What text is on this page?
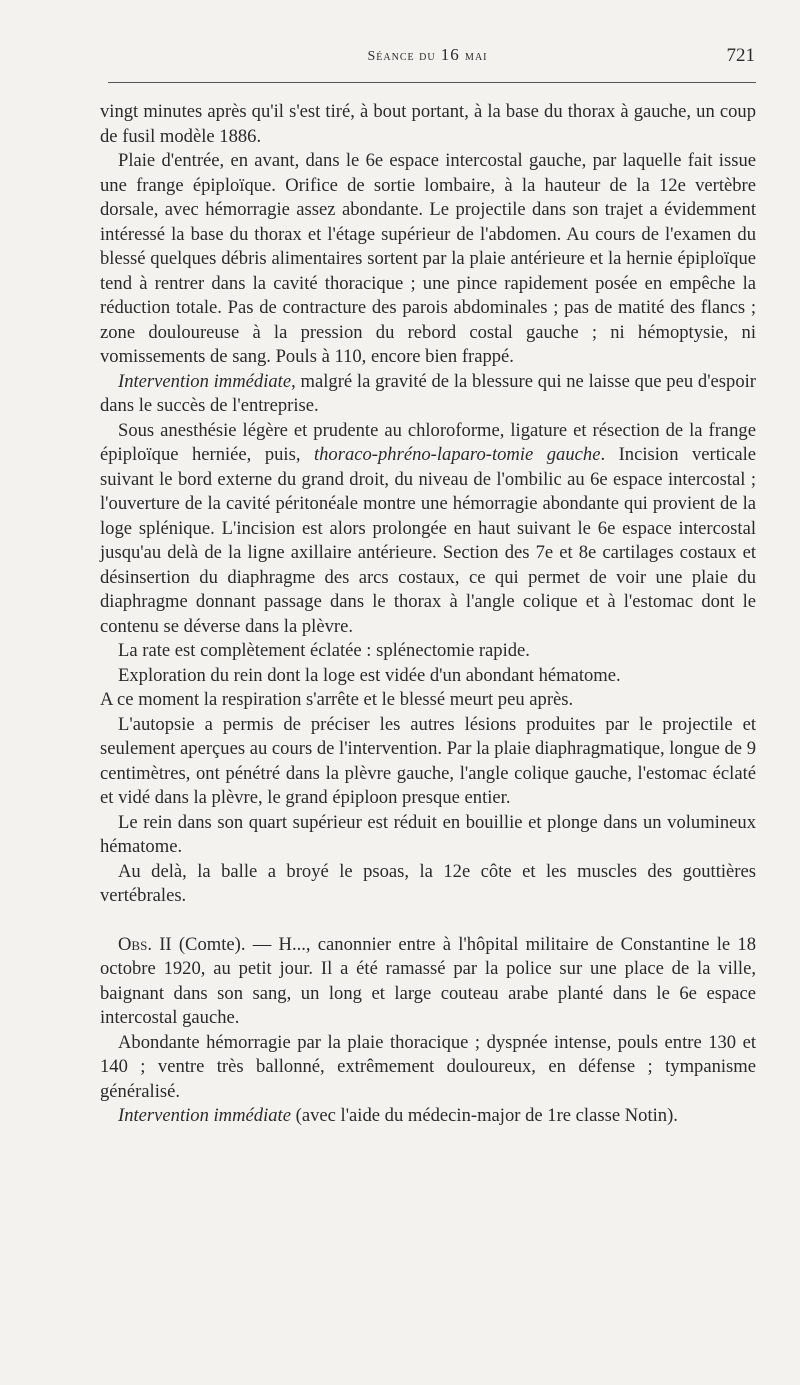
Séance du 16 mai	721

vingt minutes après qu'il s'est tiré, à bout portant, à la base du thorax à gauche, un coup de fusil modèle 1886.

Plaie d'entrée, en avant, dans le 6e espace intercostal gauche, par laquelle fait issue une frange épiploïque. Orifice de sortie lombaire, à la hauteur de la 12e vertèbre dorsale, avec hémorragie assez abondante. Le projectile dans son trajet a évidemment intéressé la base du thorax et l'étage supérieur de l'abdomen. Au cours de l'examen du blessé quelques débris alimentaires sortent par la plaie antérieure et la hernie épiploïque tend à rentrer dans la cavité thoracique ; une pince rapidement posée en empêche la réduction totale. Pas de contracture des parois abdominales ; pas de matité des flancs ; zone douloureuse à la pression du rebord costal gauche ; ni hémoptysie, ni vomissements de sang. Pouls à 110, encore bien frappé.

Intervention immédiate, malgré la gravité de la blessure qui ne laisse que peu d'espoir dans le succès de l'entreprise.

Sous anesthésie légère et prudente au chloroforme, ligature et résection de la frange épiploïque herniée, puis, thoraco-phréno-laparo-tomie gauche. Incision verticale suivant le bord externe du grand droit, du niveau de l'ombilic au 6e espace intercostal ; l'ouverture de la cavité péritonéale montre une hémorragie abondante qui provient de la loge splénique. L'incision est alors prolongée en haut suivant le 6e espace intercostal jusqu'au delà de la ligne axillaire antérieure. Section des 7e et 8e cartilages costaux et désinsertion du diaphragme des arcs costaux, ce qui permet de voir une plaie du diaphragme donnant passage dans le thorax à l'angle colique et à l'estomac dont le contenu se déverse dans la plèvre.

La rate est complètement éclatée : splénectomie rapide.

Exploration du rein dont la loge est vidée d'un abondant hématome.

A ce moment la respiration s'arrête et le blessé meurt peu après.

L'autopsie a permis de préciser les autres lésions produites par le projectile et seulement aperçues au cours de l'intervention. Par la plaie diaphragmatique, longue de 9 centimètres, ont pénétré dans la plèvre gauche, l'angle colique gauche, l'estomac éclaté et vidé dans la plèvre, le grand épiploon presque entier.

Le rein dans son quart supérieur est réduit en bouillie et plonge dans un volumineux hématome.

Au delà, la balle a broyé le psoas, la 12e côte et les muscles des gouttières vertébrales.

Obs. II (Comte). — H..., canonnier entre à l'hôpital militaire de Constantine le 18 octobre 1920, au petit jour. Il a été ramassé par la police sur une place de la ville, baignant dans son sang, un long et large couteau arabe planté dans le 6e espace intercostal gauche.

Abondante hémorragie par la plaie thoracique ; dyspnée intense, pouls entre 130 et 140 ; ventre très ballonné, extrêmement douloureux, en défense ; tympanisme généralisé.

Intervention immédiate (avec l'aide du médecin-major de 1re classe Notin).
